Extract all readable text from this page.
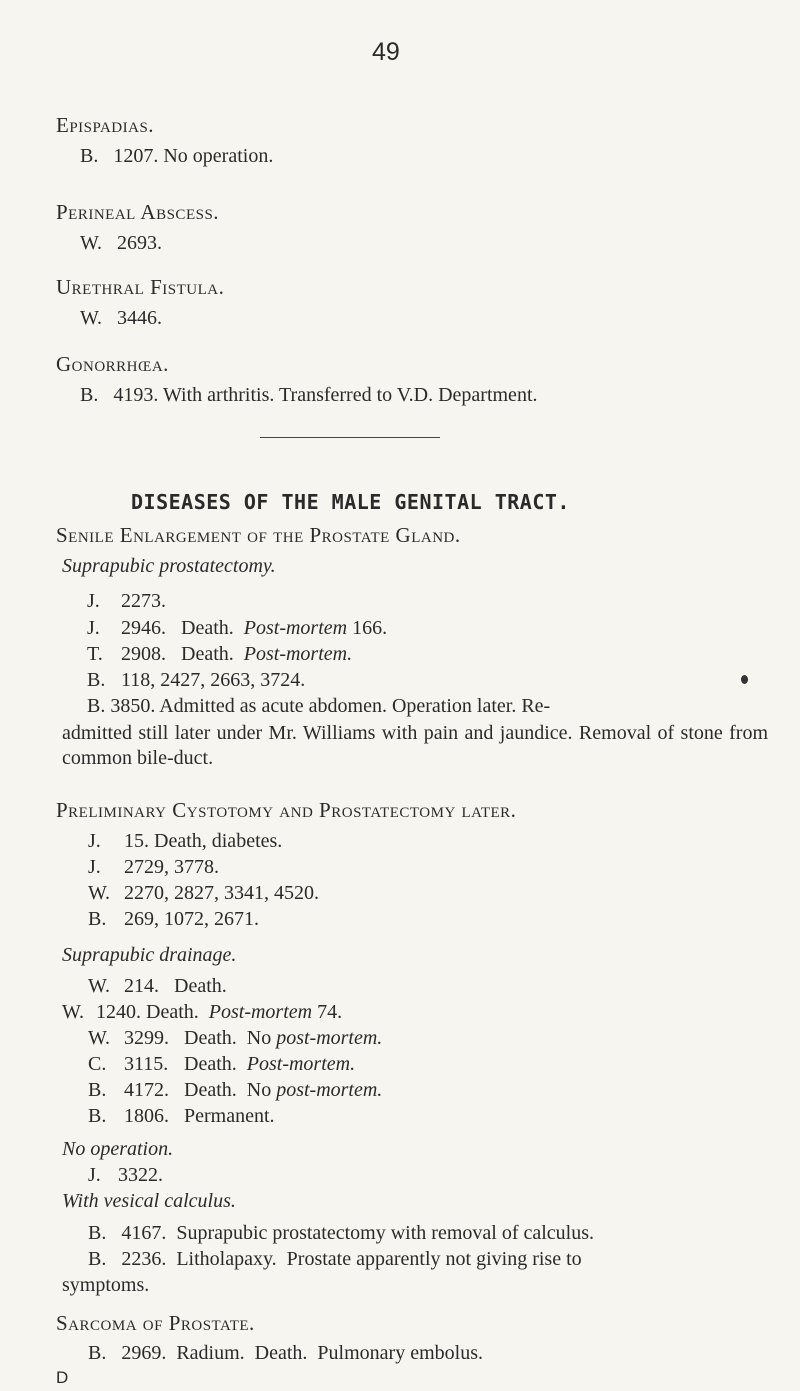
49
Epispadias.
B. 1207. No operation.
Perineal Abscess.
W. 2693.
Urethral Fistula.
W. 3446.
Gonorrhœa.
B. 4193. With arthritis. Transferred to V.D. Department.
DISEASES OF THE MALE GENITAL TRACT.
Senile Enlargement of the Prostate Gland.
Suprapubic prostatectomy.
J. 2273.
J. 2946. Death. Post-mortem 166.
T. 2908. Death. Post-mortem.
B. 118, 2427, 2663, 3724.
B. 3850. Admitted as acute abdomen. Operation later. Re-
admitted still later under Mr. Williams with pain and jaundice. Removal of stone from common bile-duct.
Preliminary Cystotomy and Prostatectomy later.
J. 15. Death, diabetes.
J. 2729, 3778.
W. 2270, 2827, 3341, 4520.
B. 269, 1072, 2671.
Suprapubic drainage.
W. 214. Death.
W. 1240. Death. Post-mortem 74.
W. 3299. Death.  No post-mortem.
C. 3115. Death. Post-mortem.
B. 4172. Death.  No post-mortem.
B. 1806. Permanent.
No operation.
J. 3322.
With vesical calculus.
B.   4167.  Suprapubic prostatectomy with removal of calculus.
B.   2236.  Litholapaxy.  Prostate apparently not giving rise to
symptoms.
Sarcoma of Prostate.
B.   2969.  Radium.  Death.  Pulmonary embolus.
D
